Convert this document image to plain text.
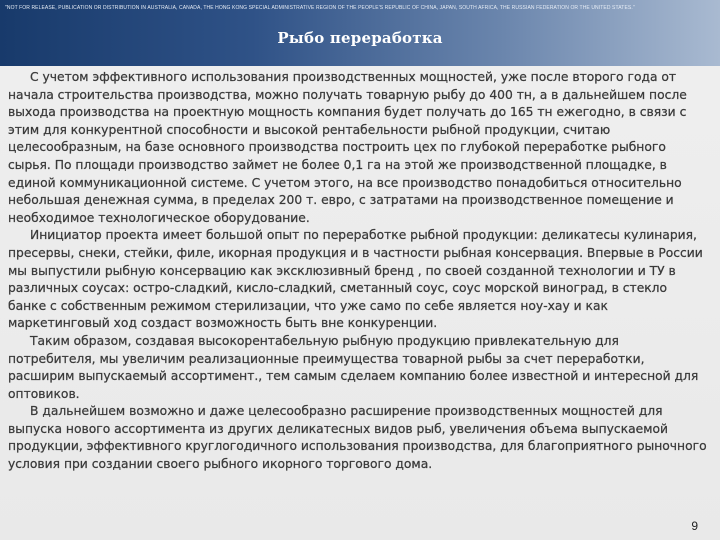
"NOT FOR RELEASE, PUBLICATION OR DISTRIBUTION IN AUSTRALIA, CANADA, THE HONG KONG SPECIAL ADMINISTRATIVE REGION OF THE PEOPLE'S REPUBLIC OF CHINA, JAPAN, SOUTH AFRICA, THE RUSSIAN FEDERATION OR THE UNITED STATES."
Рыбо переработка

С учетом эффективного использования производственных мощностей, уже после второго года от начала строительства производства, можно получать товарную рыбу до 400 тн, а в дальнейшем после выхода производства на проектную мощность компания будет получать до 165 тн ежегодно, в связи с этим для конкурентной способности и высокой рентабельности рыбной продукции, считаю целесообразным, на базе основного производства построить цех по глубокой переработке рыбного сырья. По площади производство займет не более 0,1 га на этой же производственной площадке, в единой коммуникационной системе. С учетом этого, на все производство понадобиться относительно небольшая денежная сумма, в пределах 200 т. евро, с затратами на производственное помещение и необходимое технологическое оборудование.

Инициатор проекта имеет большой опыт по переработке рыбной продукции: деликатесы кулинария, пресервы, снеки, стейки, филе, икорная продукция и в частности рыбная консервация. Впервые в России мы выпустили рыбную консервацию как эксклюзивный бренд , по своей созданной технологии и ТУ в различных соусах: остро-сладкий, кисло-сладкий, сметанный соус, соус морской виноград, в стекло банке с собственным режимом стерилизации, что уже само по себе является ноу-хау и как маркетинговый ход создаст возможность быть вне конкуренции.

Таким образом, создавая высокорентабельную рыбную продукцию привлекательную для потребителя, мы увеличим реализационные преимущества товарной рыбы за счет переработки, расширим выпускаемый ассортимент., тем самым сделаем компанию более известной и интересной для оптовиков.

В дальнейшем возможно и даже целесообразно расширение производственных мощностей для выпуска нового ассортимента из других деликатесных видов рыб, увеличения объема выпускаемой продукции, эффективного круглогодичного использования производства, для благоприятного рыночного условия при создании своего рыбного икорного торгового дома.

9
